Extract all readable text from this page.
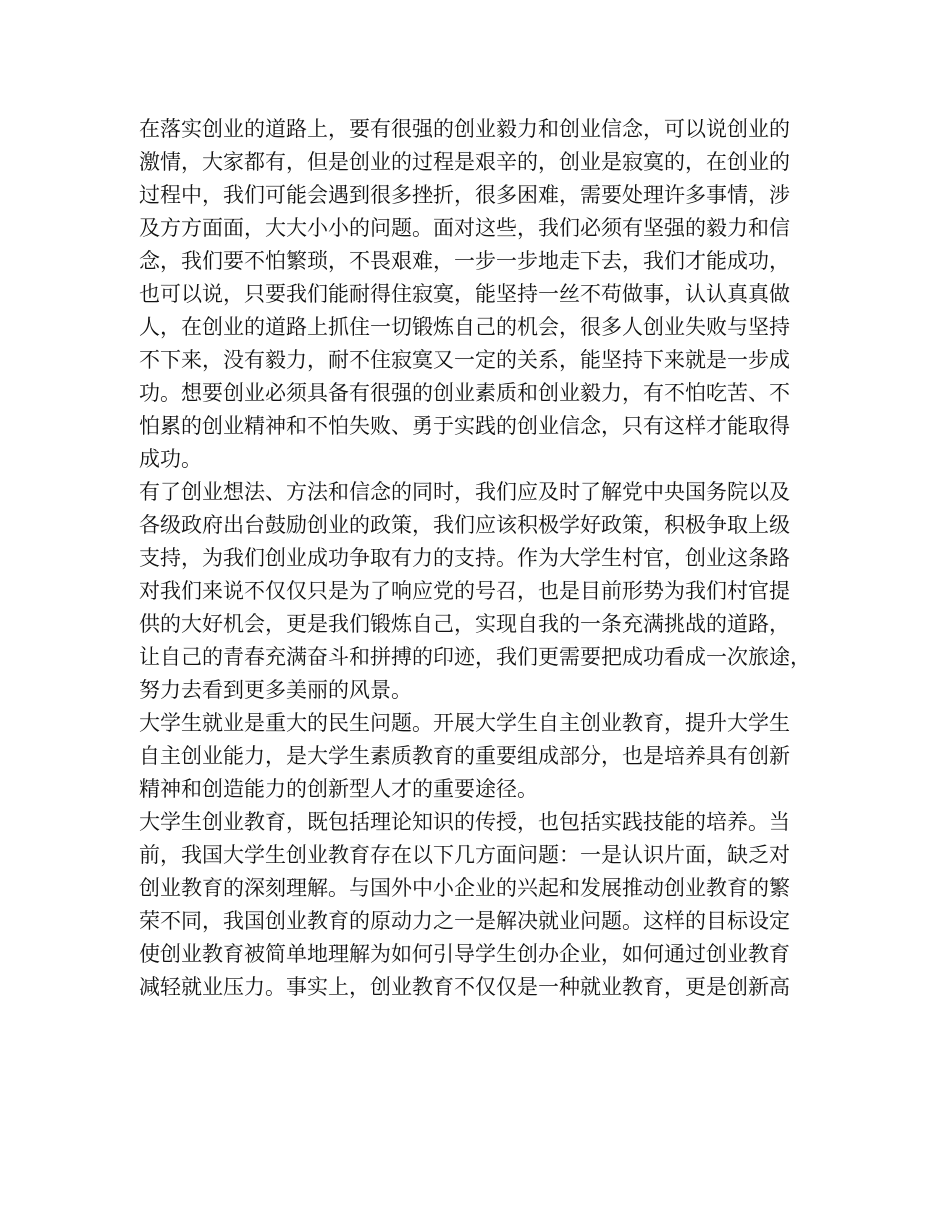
在落实创业的道路上，要有很强的创业毅力和创业信念，可以说创业的
激情，大家都有，但是创业的过程是艰辛的，创业是寂寞的，在创业的
过程中，我们可能会遇到很多挫折，很多困难，需要处理许多事情，涉
及方方面面，大大小小的问题。面对这些，我们必须有坚强的毅力和信
念，我们要不怕繁琐，不畏艰难，一步一步地走下去，我们才能成功，
也可以说，只要我们能耐得住寂寞，能坚持一丝不苟做事，认认真真做
人，在创业的道路上抓住一切锻炼自己的机会，很多人创业失败与坚持
不下来，没有毅力，耐不住寂寞又一定的关系，能坚持下来就是一步成
功。想要创业必须具备有很强的创业素质和创业毅力，有不怕吃苦、不
怕累的创业精神和不怕失败、勇于实践的创业信念，只有这样才能取得
成功。
有了创业想法、方法和信念的同时，我们应及时了解党中央国务院以及
各级政府出台鼓励创业的政策，我们应该积极学好政策，积极争取上级
支持，为我们创业成功争取有力的支持。作为大学生村官，创业这条路
对我们来说不仅仅只是为了响应党的号召，也是目前形势为我们村官提
供的大好机会，更是我们锻炼自己，实现自我的一条充满挑战的道路，
让自己的青春充满奋斗和拼搏的印迹，我们更需要把成功看成一次旅途，
努力去看到更多美丽的风景。
大学生就业是重大的民生问题。开展大学生自主创业教育，提升大学生
自主创业能力，是大学生素质教育的重要组成部分，也是培养具有创新
精神和创造能力的创新型人才的重要途径。
大学生创业教育，既包括理论知识的传授，也包括实践技能的培养。当
前，我国大学生创业教育存在以下几方面问题：一是认识片面，缺乏对
创业教育的深刻理解。与国外中小企业的兴起和发展推动创业教育的繁
荣不同，我国创业教育的原动力之一是解决就业问题。这样的目标设定
使创业教育被简单地理解为如何引导学生创办企业，如何通过创业教育
减轻就业压力。事实上，创业教育不仅仅是一种就业教育，更是创新高
